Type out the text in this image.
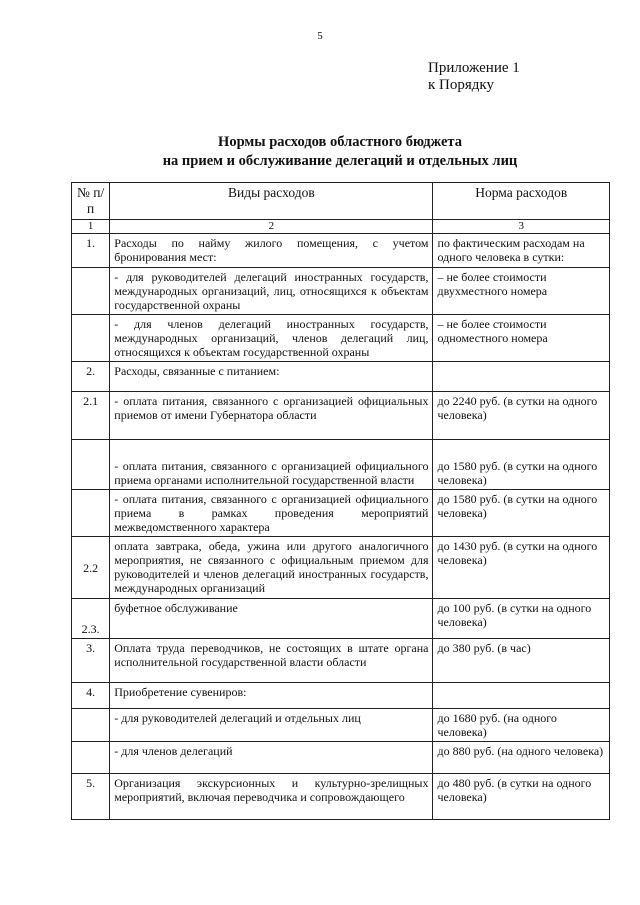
5
Приложение 1
к Порядку
Нормы расходов областного бюджета
на прием и обслуживание делегаций и отдельных лиц
№ п/п	Виды расходов	Норма расходов
1	2	3
1.	Расходы по найму жилого помещения, с учетом бронирования мест:	по фактическим расходам на одного человека в сутки:
	- для руководителей делегаций иностранных государств, международных организаций, лиц, относящихся к объектам государственной охраны	– не более стоимости двухместного номера
	- для членов делегаций иностранных государств, международных организаций, членов делегаций лиц, относящихся к объектам государственной охраны	– не более стоимости одноместного номера
2.	Расходы, связанные с питанием:	
2.1	- оплата питания, связанного с организацией официальных приемов от имени Губернатора области	до 2240 руб. (в сутки на одного человека)
	- оплата питания, связанного с организацией официального приема органами исполнительной государственной власти	до 1580 руб. (в сутки на одного человека)
	- оплата питания, связанного с организацией официального приема в рамках проведения мероприятий межведомственного характера	до 1580 руб. (в сутки на одного человека)
2.2	оплата завтрака, обеда, ужина или другого аналогичного мероприятия, не связанного с официальным приемом для руководителей и членов делегаций иностранных государств, международных организаций	до 1430 руб. (в сутки на одного человека)
2.3.	буфетное обслуживание	до 100 руб. (в сутки на одного человека)
3.	Оплата труда переводчиков, не состоящих в штате органа исполнительной государственной власти области	до 380 руб. (в час)
4.	Приобретение сувениров:	
	- для руководителей делегаций и отдельных лиц	до 1680 руб. (на одного человека)
	- для членов делегаций	до 880 руб. (на одного человека)
5.	Организация экскурсионных и культурно-зрелищных мероприятий, включая переводчика и сопровождающего	до 480 руб. (в сутки на одного человека)
